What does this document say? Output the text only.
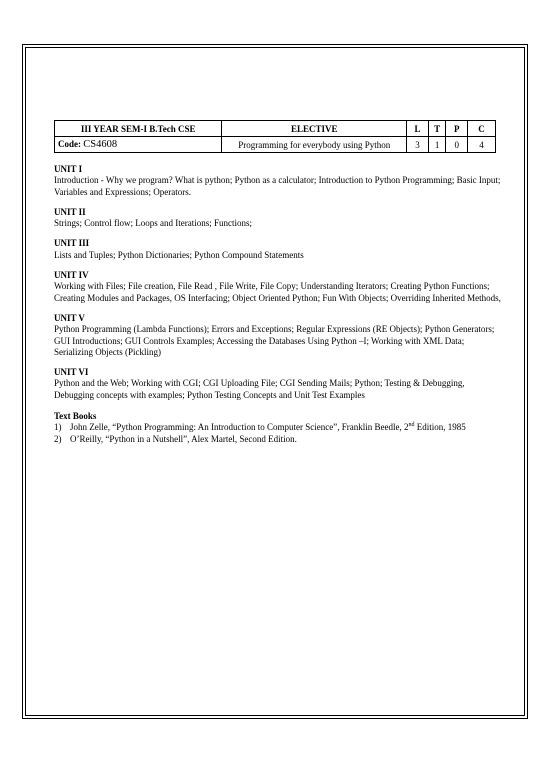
III YEAR SEM-I B.Tech CSE	ELECTIVE	L	T	P	C
Code: CS4608	Programming for everybody using Python	3	1	0	4
UNIT I
Introduction - Why we program? What is python; Python as a calculator; Introduction to Python Programming; Basic Input; Variables and Expressions; Operators.
UNIT II
Strings; Control flow; Loops and Iterations; Functions;
UNIT III
Lists and Tuples; Python Dictionaries; Python Compound Statements
UNIT IV
Working with Files; File creation, File Read , File Write, File Copy; Understanding Iterators; Creating Python Functions; Creating Modules and Packages, OS Interfacing; Object Oriented Python; Fun With Objects; Overriding Inherited Methods,
UNIT V
Python Programming (Lambda Functions); Errors and Exceptions; Regular Expressions (RE Objects); Python Generators; GUI Introductions; GUI Controls Examples; Accessing the Databases Using Python –I; Working with XML Data; Serializing Objects (Pickling)
UNIT VI
Python and the Web; Working with CGI; CGI Uploading File; CGI Sending Mails; Python; Testing & Debugging, Debugging concepts with examples; Python Testing Concepts and Unit Test Examples
Text Books
1) John Zelle, “Python Programming: An Introduction to Computer Science”, Franklin Beedle, 2nd Edition, 1985
2) O’Reilly, “Python in a Nutshell”, Alex Martel, Second Edition.
